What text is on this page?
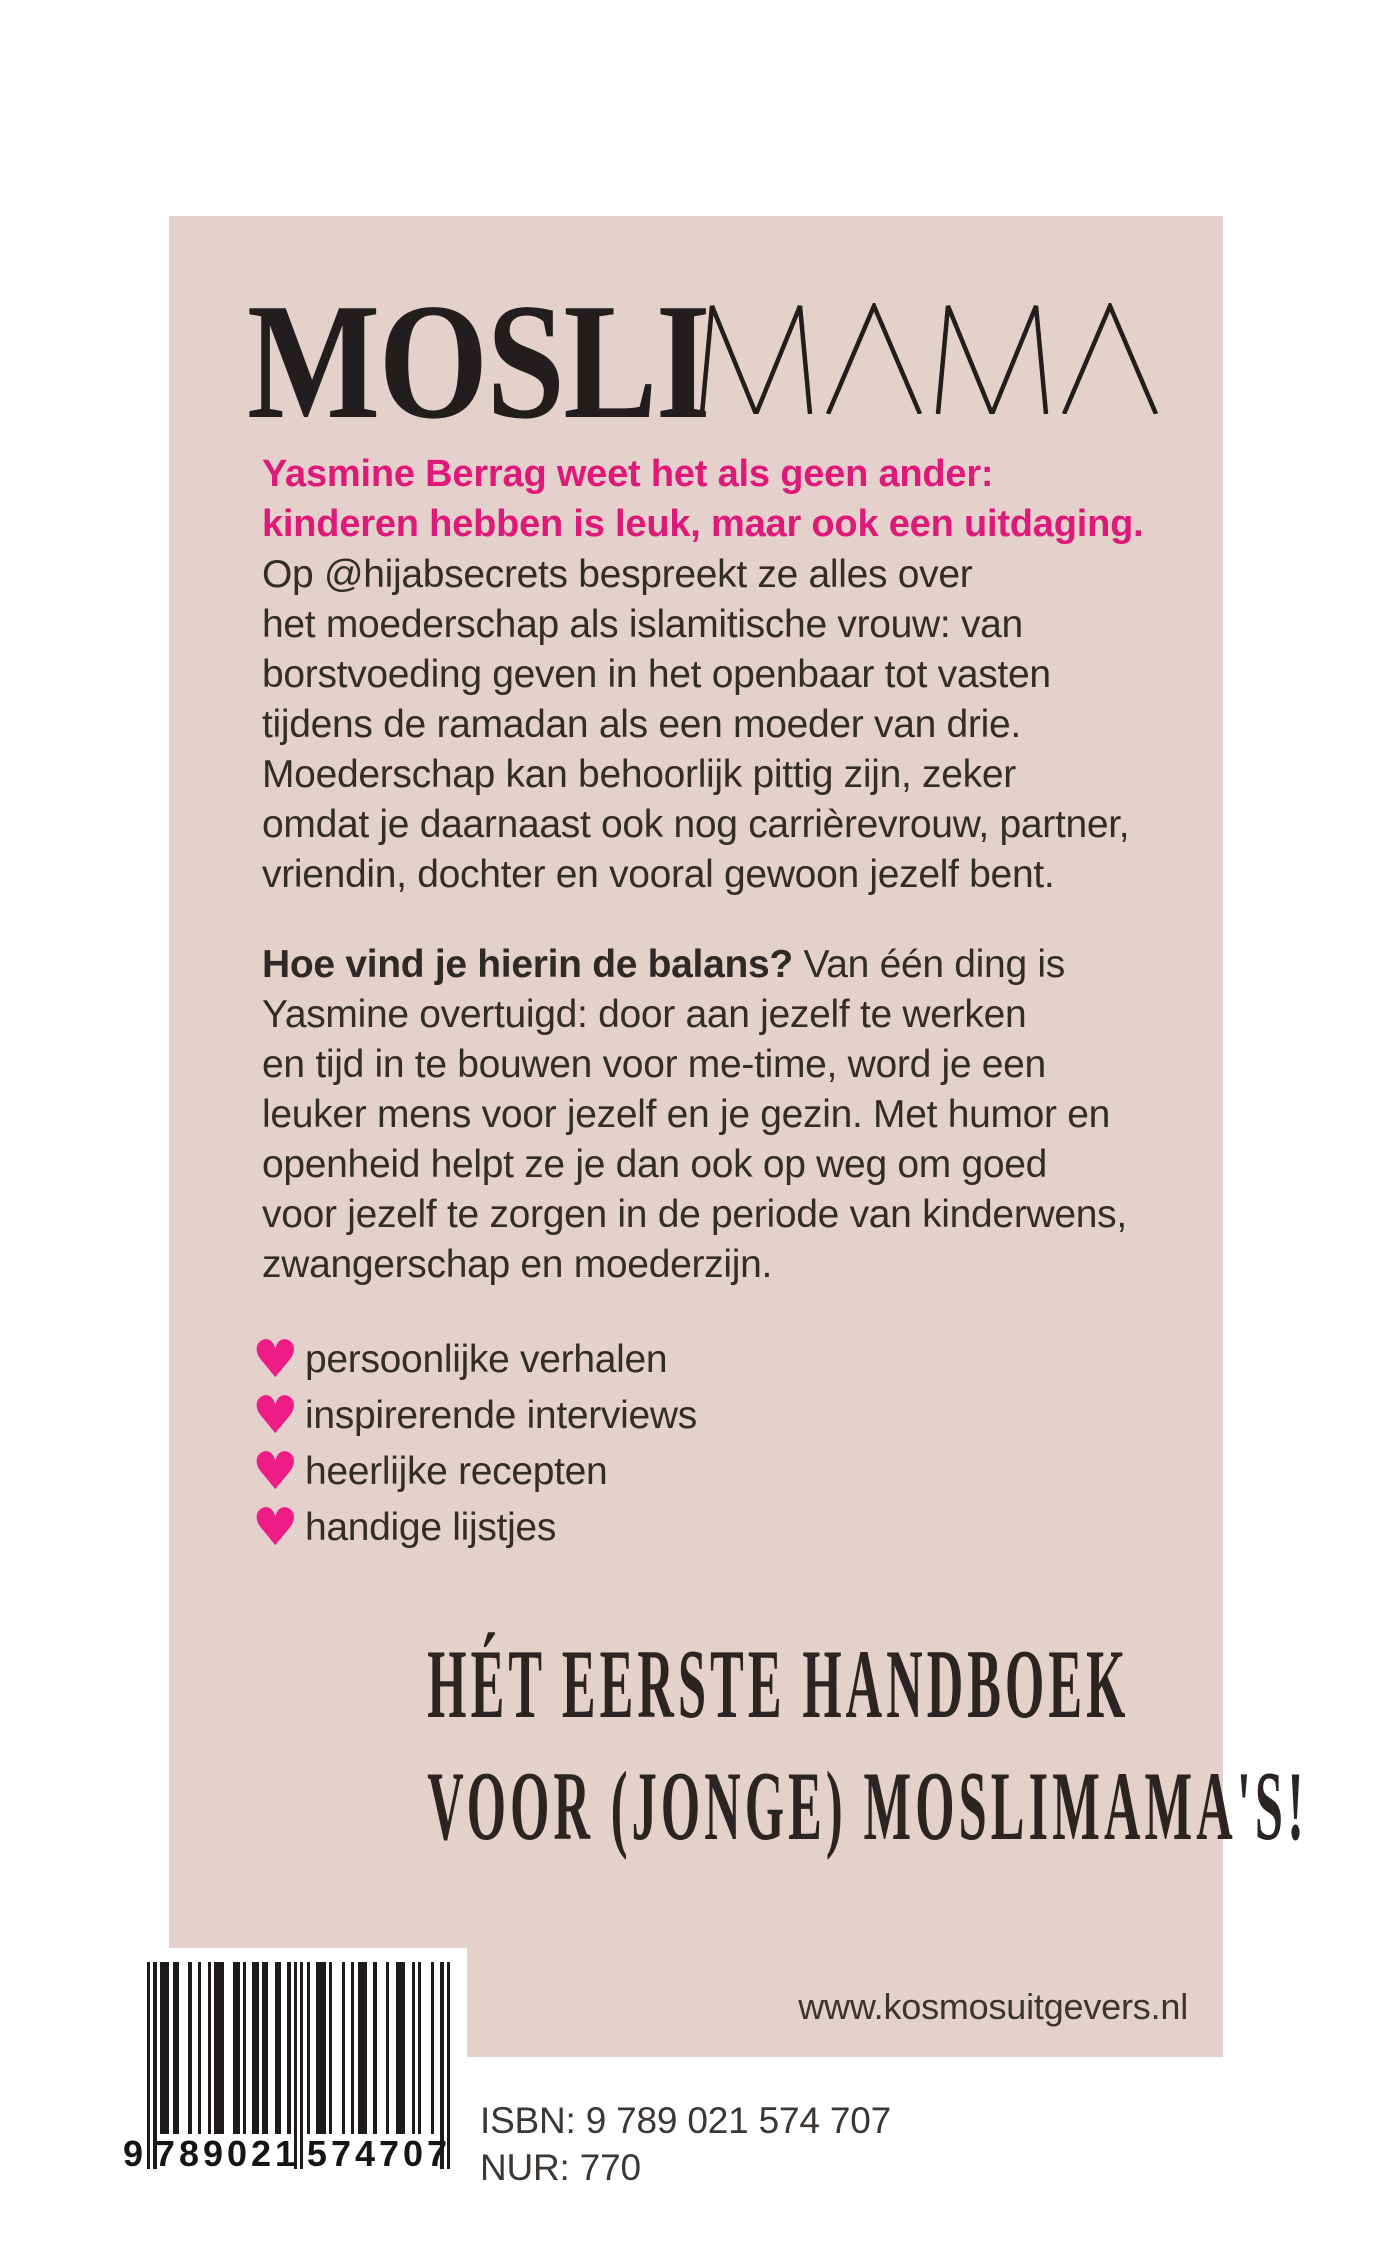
MOSLI
Yasmine Berrag weet het als geen ander:
kinderen hebben is leuk, maar ook een uitdaging.
Op @hijabsecrets bespreekt ze alles over
het moederschap als islamitische vrouw: van
borstvoeding geven in het openbaar tot vasten
tijdens de ramadan als een moeder van drie.
Moederschap kan behoorlijk pittig zijn, zeker
omdat je daarnaast ook nog carrièrevrouw, partner,
vriendin, dochter en vooral gewoon jezelf bent.
Hoe vind je hierin de balans? Van één ding is
Yasmine overtuigd: door aan jezelf te werken
en tijd in te bouwen voor me-time, word je een
leuker mens voor jezelf en je gezin. Met humor en
openheid helpt ze je dan ook op weg om goed
voor jezelf te zorgen in de periode van kinderwens,
zwangerschap en moederzijn.
♥ persoonlijke verhalen
♥ inspirerende interviews
♥ heerlijke recepten
♥ handige lijstjes
HÉT EERSTE HANDBOEK
VOOR (JONGE) MOSLIMAMA'S!
www.kosmosuitgevers.nl
9 789021 574707
ISBN: 9 789 021 574 707
NUR: 770
